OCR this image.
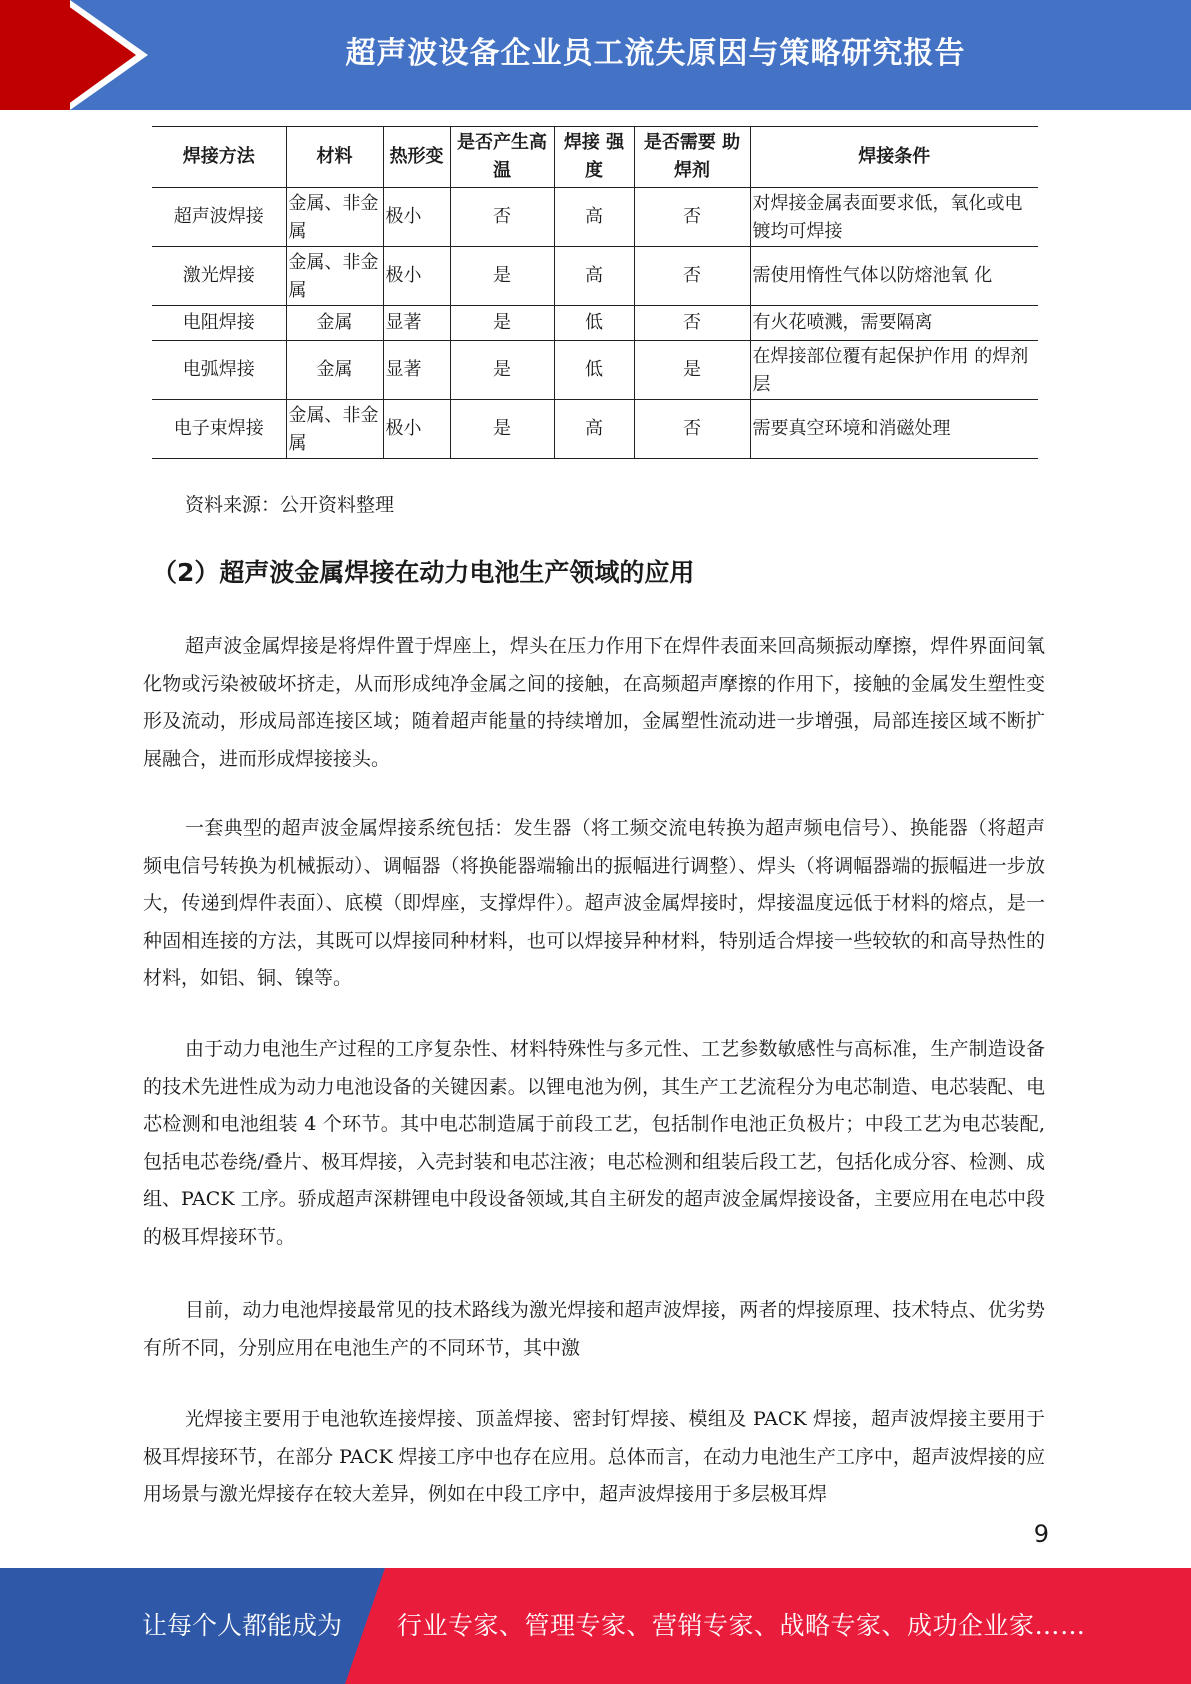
超声波设备企业员工流失原因与策略研究报告
焊接方法	材料	热形变	是否产生高温	焊接 强度	是否需要 助焊剂	焊接条件
超声波焊接	金属、非金属	极小	否	高	否	对焊接金属表面要求低，氧化或电镀均可焊接

激光焊接	金属、非金属	极小	是	高	否	需使用惰性气体以防熔池氧 化

电阻焊接	金属	显著	是	低	否	有火花喷溅，需要隔离
电弧焊接	金属	显著	是	低	是	在焊接部位覆有起保护作用 的焊剂层

电子束焊接	金属、非金属	极小	是	高	否	需要真空环境和消磁处理
资料来源：公开资料整理
（2）超声波金属焊接在动力电池生产领域的应用

超声波金属焊接是将焊件置于焊座上，焊头在压力作用下在焊件表面来回高频振动摩擦，焊件界面间氧化物或污染被破坏挤走，从而形成纯净金属之间的接触，在高频超声摩擦的作用下，接触的金属发生塑性变形及流动，形成局部连接区域；随着超声能量的持续增加，金属塑性流动进一步增强，局部连接区域不断扩展融合，进而形成焊接接头。

一套典型的超声波金属焊接系统包括：发生器（将工频交流电转换为超声频电信号）、换能器（将超声频电信号转换为机械振动）、调幅器（将换能器端输出的振幅进行调整）、焊头（将调幅器端的振幅进一步放大，传递到焊件表面）、底模（即焊座，支撑焊件）。超声波金属焊接时，焊接温度远低于材料的熔点，是一种固相连接的方法，其既可以焊接同种材料，也可以焊接异种材料，特别适合焊接一些较软的和高导热性的材料，如铝、铜、镍等。

由于动力电池生产过程的工序复杂性、材料特殊性与多元性、工艺参数敏感性与高标准，生产制造设备的技术先进性成为动力电池设备的关键因素。以锂电池为例，其生产工艺流程分为电芯制造、电芯装配、电芯检测和电池组装 4 个环节。其中电芯制造属于前段工艺，包括制作电池正负极片；中段工艺为电芯装配,包括电芯卷绕/叠片、极耳焊接，入壳封装和电芯注液；电芯检测和组装后段工艺，包括化成分容、检测、成组、PACK 工序。骄成超声深耕锂电中段设备领域,其自主研发的超声波金属焊接设备，主要应用在电芯中段的极耳焊接环节。

目前，动力电池焊接最常见的技术路线为激光焊接和超声波焊接，两者的焊接原理、技术特点、优劣势有所不同，分别应用在电池生产的不同环节，其中激

光焊接主要用于电池软连接焊接、顶盖焊接、密封钉焊接、模组及 PACK 焊接，超声波焊接主要用于极耳焊接环节，在部分 PACK 焊接工序中也存在应用。总体而言，在动力电池生产工序中，超声波焊接的应用场景与激光焊接存在较大差异，例如在中段工序中，超声波焊接用于多层极耳焊

9
让每个人都能成为 行业专家、管理专家、营销专家、战略专家、成功企业家……
